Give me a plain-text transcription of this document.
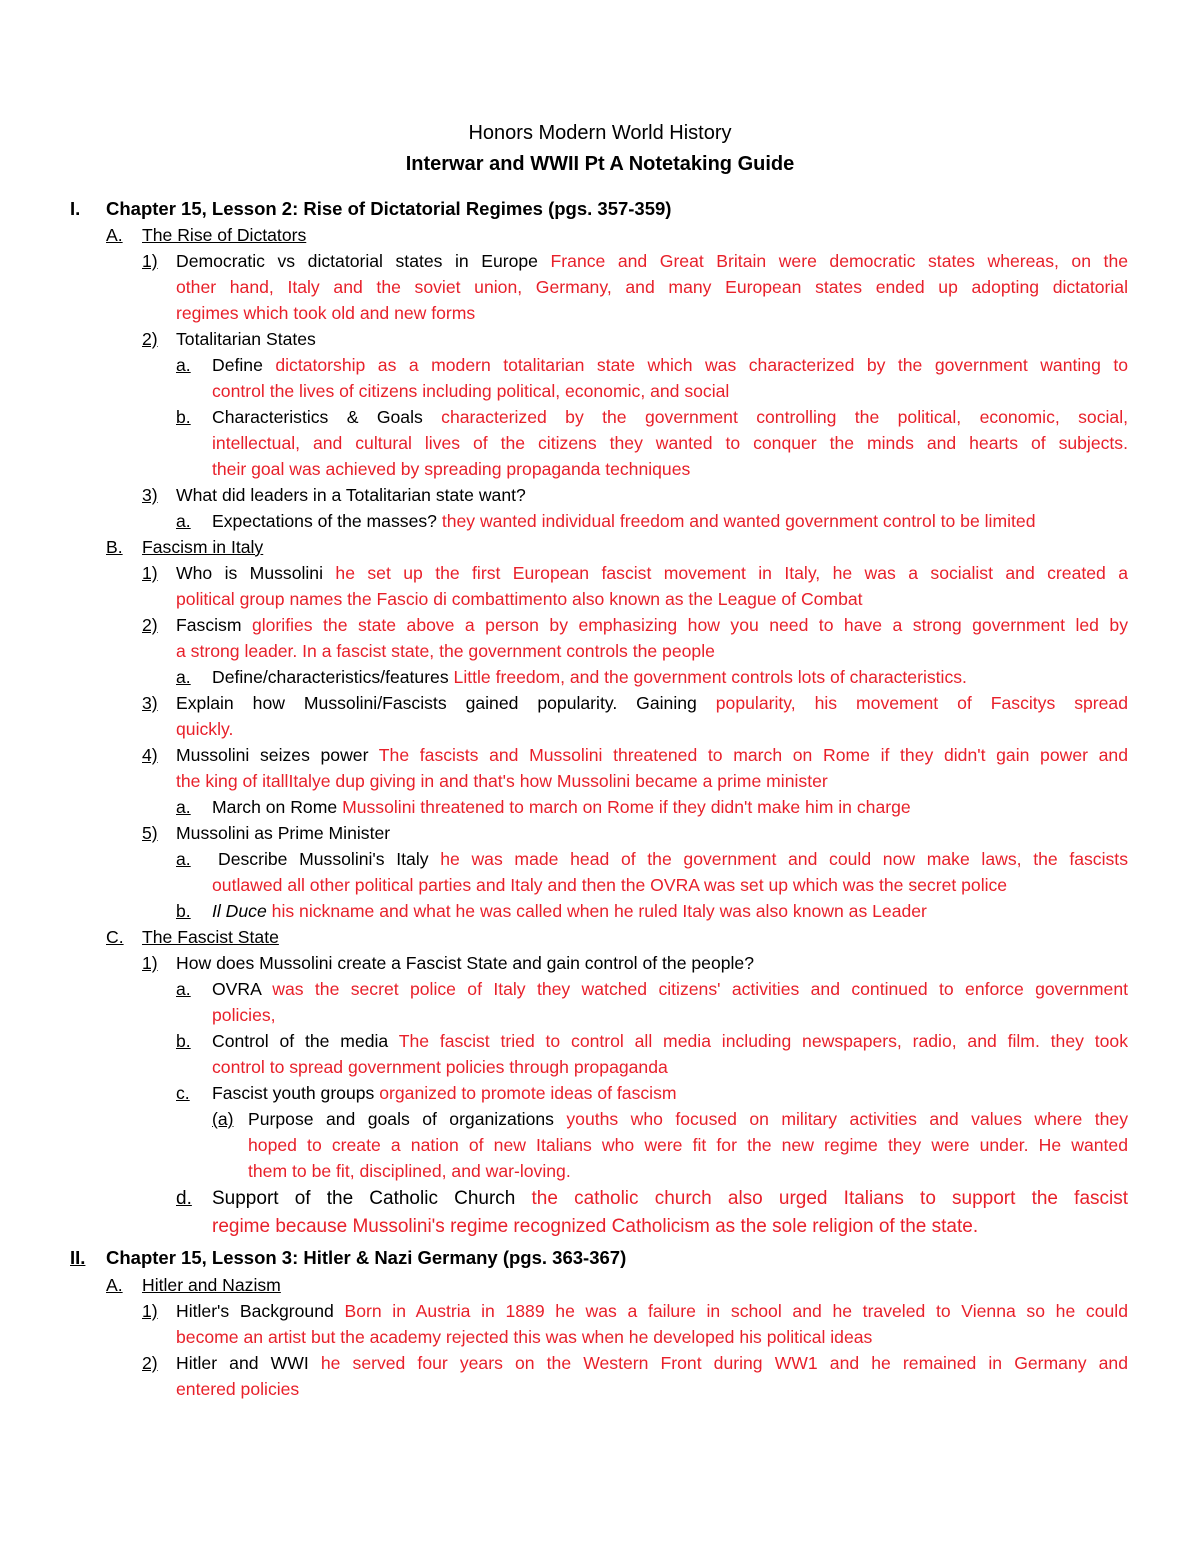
Honors Modern World History
Interwar and WWII Pt A Notetaking Guide
I. Chapter 15, Lesson 2: Rise of Dictatorial Regimes (pgs. 357-359)
A.	The Rise of Dictators
1)	Democratic vs dictatorial states in Europe France and Great Britain were democratic states whereas, on the
other hand, Italy and the soviet union, Germany, and many European states ended up adopting dictatorial
regimes which took old and new forms
2)	Totalitarian States
a.	Define dictatorship as a modern totalitarian state which was characterized by the government wanting to
control the lives of citizens including political, economic, and social
b.	Characteristics & Goals characterized by the government controlling the political, economic, social,
intellectual, and cultural lives of the citizens they wanted to conquer the minds and hearts of subjects.
their goal was achieved by spreading propaganda techniques
3)	What did leaders in a Totalitarian state want?
a.	Expectations of the masses? they wanted individual freedom and wanted government control to be limited
B.	Fascism in Italy
1)	Who is Mussolini he set up the first European fascist movement in Italy, he was a socialist and created a
political group names the Fascio di combattimento also known as the League of Combat
2)	Fascism glorifies the state above a person by emphasizing how you need to have a strong government led by
a strong leader. In a fascist state, the government controls the people
a.	Define/characteristics/features Little freedom, and the government controls lots of characteristics.
3)	Explain how Mussolini/Fascists gained popularity. Gaining popularity, his movement of Fascitys spread
quickly.
4)	Mussolini seizes power The fascists and Mussolini threatened to march on Rome if they didn't gain power and
the king of itallItalye dup giving in and that's how Mussolini became a prime minister
a.	March on Rome Mussolini threatened to march on Rome if they didn't make him in charge
5)	Mussolini as Prime Minister
a.	Describe Mussolini's Italy he was made head of the government and could now make laws, the fascists
outlawed all other political parties and Italy and then the OVRA was set up which was the secret police
b.	Il Duce his nickname and what he was called when he ruled Italy was also known as Leader
C.	The Fascist State
1)	How does Mussolini create a Fascist State and gain control of the people?
a.	OVRA was the secret police of Italy they watched citizens' activities and continued to enforce government
policies,
b.	Control of the media The fascist tried to control all media including newspapers, radio, and film. they took
control to spread government policies through propaganda
c.	Fascist youth groups organized to promote ideas of fascism
(a) Purpose and goals of organizations youths who focused on military activities and values where they
hoped to create a nation of new Italians who were fit for the new regime they were under. He wanted
them to be fit, disciplined, and war-loving.
d.	Support of the Catholic Church the catholic church also urged Italians to support the fascist
regime because Mussolini's regime recognized Catholicism as the sole religion of the state.
II.	Chapter 15, Lesson 3: Hitler & Nazi Germany (pgs. 363-367)
A.	Hitler and Nazism
1)	Hitler's Background Born in Austria in 1889 he was a failure in school and he traveled to Vienna so he could
become an artist but the academy rejected this was when he developed his political ideas
2)	Hitler and WWI he served four years on the Western Front during WW1 and he remained in Germany and
entered policies
